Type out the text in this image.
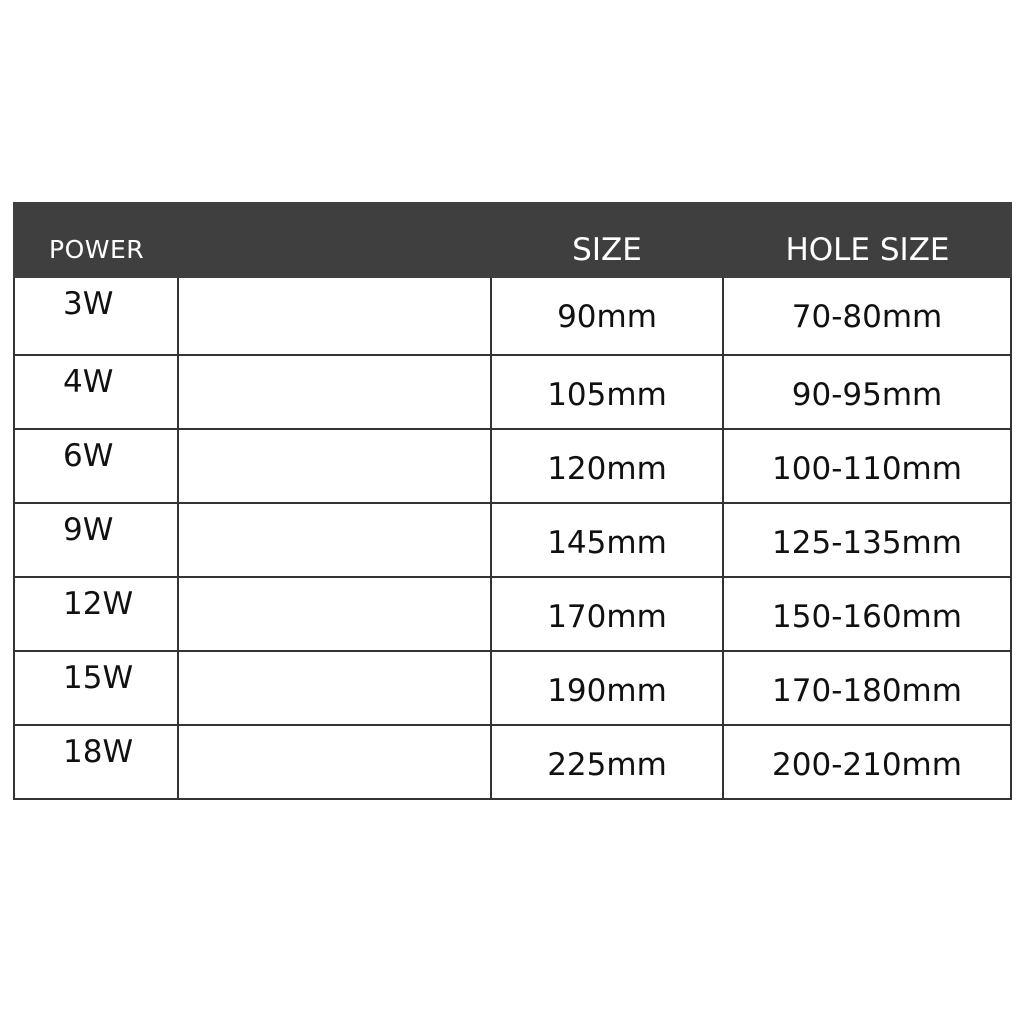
POWER	SIZE	HOLE SIZE
3W	90mm	70-80mm
4W	105mm	90-95mm
6W	120mm	100-110mm
9W	145mm	125-135mm
12W	170mm	150-160mm
15W	190mm	170-180mm
18W	225mm	200-210mm
